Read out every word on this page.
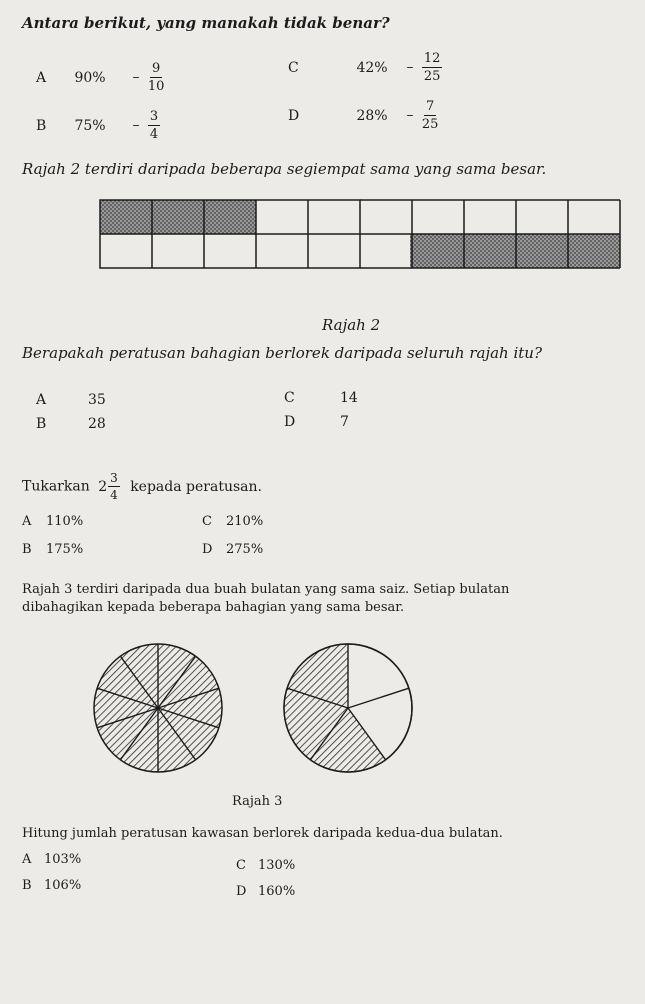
Antara berikut, yang manakah tidak benar?
A $90\% - \frac{9}{10}$
B $75\% - \frac{3}{4}$
C	$42\% - \frac{12}{25}$
D	$28\% - \frac{7}{25}$
Rajah 2 terdiri daripada beberapa segiempat sama yang sama besar.
Rajah 2
Berapakah peratusan bahagian berlorek daripada seluruh rajah itu?
A	35
B	28
C	14
D	7
Tukarkan $2 \frac{3}{4}$ kepada peratusan.
A 110%
B 175%
C 210%
D 275%
Rajah 3 terdiri daripada dua buah bulatan yang sama saiz. Setiap bulatan
dibahagikan kepada beberapa bahagian yang sama besar.
Rajah 3
Hitung jumlah peratusan kawasan berlorek daripada kedua-dua bulatan.
A 103%
B 106%
C 130%
D 160%
